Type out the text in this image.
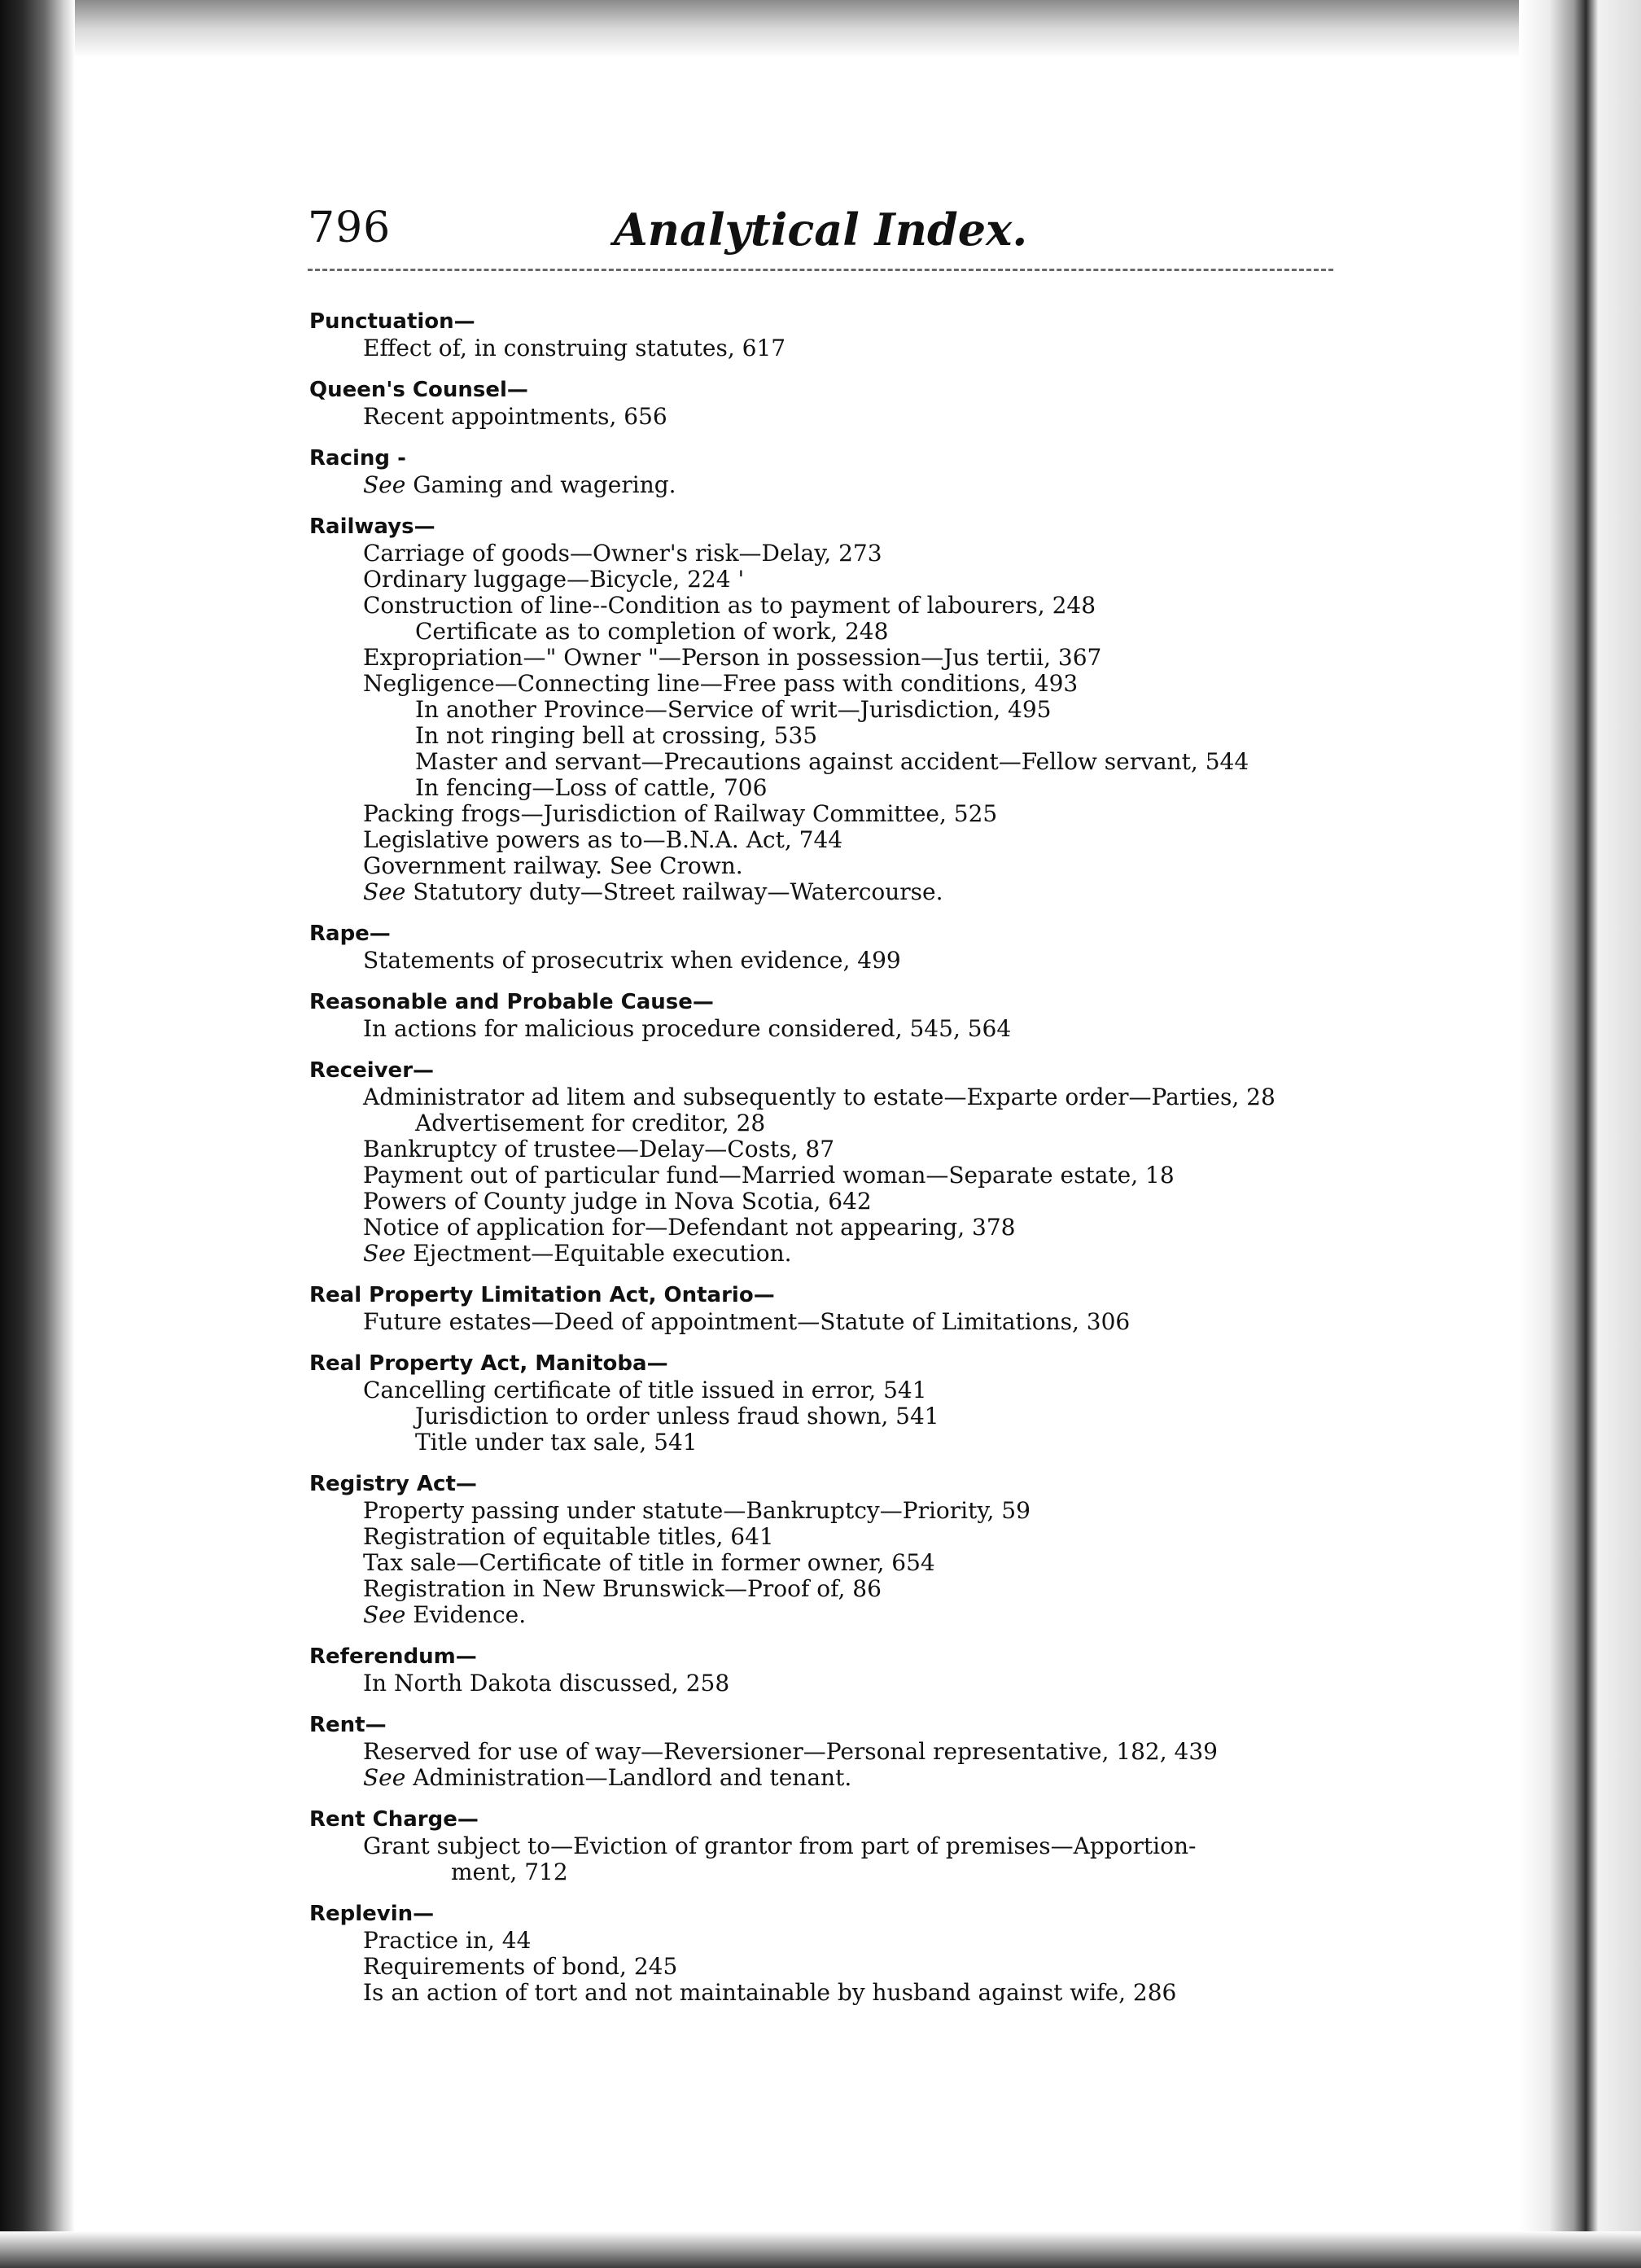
796	Analytical Index.
Punctuation—
Effect of, in construing statutes, 617
Queen's Counsel—
Recent appointments, 656
Racing -
See Gaming and wagering.
Railways—
Carriage of goods—Owner's risk—Delay, 273
Ordinary luggage—Bicycle, 224 '
Construction of line--Condition as to payment of labourers, 248
Certificate as to completion of work, 248
Expropriation—" Owner "—Person in possession—Jus tertii, 367
Negligence—Connecting line—Free pass with conditions, 493
In another Province—Service of writ—Jurisdiction, 495
In not ringing bell at crossing, 535
Master and servant—Precautions against accident—Fellow servant, 544
In fencing—Loss of cattle, 706
Packing frogs—Jurisdiction of Railway Committee, 525
Legislative powers as to—B.N.A. Act, 744
Government railway. See Crown.
See Statutory duty—Street railway—Watercourse.
Rape—
Statements of prosecutrix when evidence, 499
Reasonable and Probable Cause—
In actions for malicious procedure considered, 545, 564
Receiver—
Administrator ad litem and subsequently to estate—Exparte order—Parties, 28
Advertisement for creditor, 28
Bankruptcy of trustee—Delay—Costs, 87
Payment out of particular fund—Married woman—Separate estate, 18
Powers of County judge in Nova Scotia, 642
Notice of application for—Defendant not appearing, 378
See Ejectment—Equitable execution.
Real Property Limitation Act, Ontario—
Future estates—Deed of appointment—Statute of Limitations, 306
Real Property Act, Manitoba—
Cancelling certificate of title issued in error, 541
Jurisdiction to order unless fraud shown, 541
Title under tax sale, 541
Registry Act—
Property passing under statute—Bankruptcy—Priority, 59
Registration of equitable titles, 641
Tax sale—Certificate of title in former owner, 654
Registration in New Brunswick—Proof of, 86
See Evidence.
Referendum—
In North Dakota discussed, 258
Rent—
Reserved for use of way—Reversioner—Personal representative, 182, 439
See Administration—Landlord and tenant.
Rent Charge—
Grant subject to—Eviction of grantor from part of premises—Apportion-
ment, 712
Replevin—
Practice in, 44
Requirements of bond, 245
Is an action of tort and not maintainable by husband against wife, 286
